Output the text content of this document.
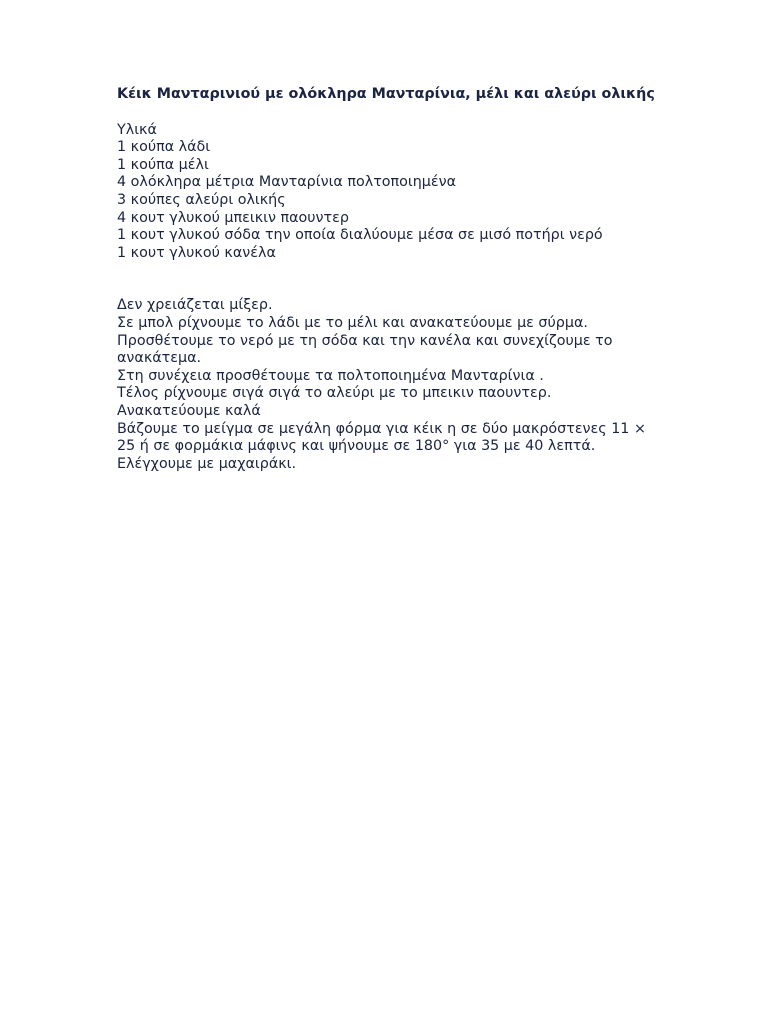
Κέικ Μανταρινιού με ολόκληρα Μανταρίνια, μέλι και αλεύρι ολικής
Υλικά
1 κούπα λάδι
1 κούπα μέλι
4 ολόκληρα μέτρια Μανταρίνια πολτοποιημένα
3 κούπες αλεύρι ολικής
4 κουτ γλυκού μπεικιν παουντερ
1 κουτ γλυκού σόδα την οποία διαλύουμε μέσα σε μισό ποτήρι νερό
1 κουτ γλυκού κανέλα
Δεν χρειάζεται μίξερ.
Σε μπολ ρίχνουμε το λάδι με το μέλι και ανακατεύουμε με σύρμα.
Προσθέτουμε το νερό με τη σόδα και την κανέλα και συνεχίζουμε το ανακάτεμα.
Στη συνέχεια προσθέτουμε τα πολτοποιημένα Μανταρίνια .
Τέλος ρίχνουμε σιγά σιγά το αλεύρι με το μπεικιν παουντερ.
Ανακατεύουμε καλά
Βάζουμε το μείγμα σε μεγάλη φόρμα για κέικ η σε δύο μακρόστενες 11 × 25 ή σε φορμάκια μάφινς και ψήνουμε σε 180° για 35 με 40 λεπτά.
Ελέγχουμε με μαχαιράκι.
